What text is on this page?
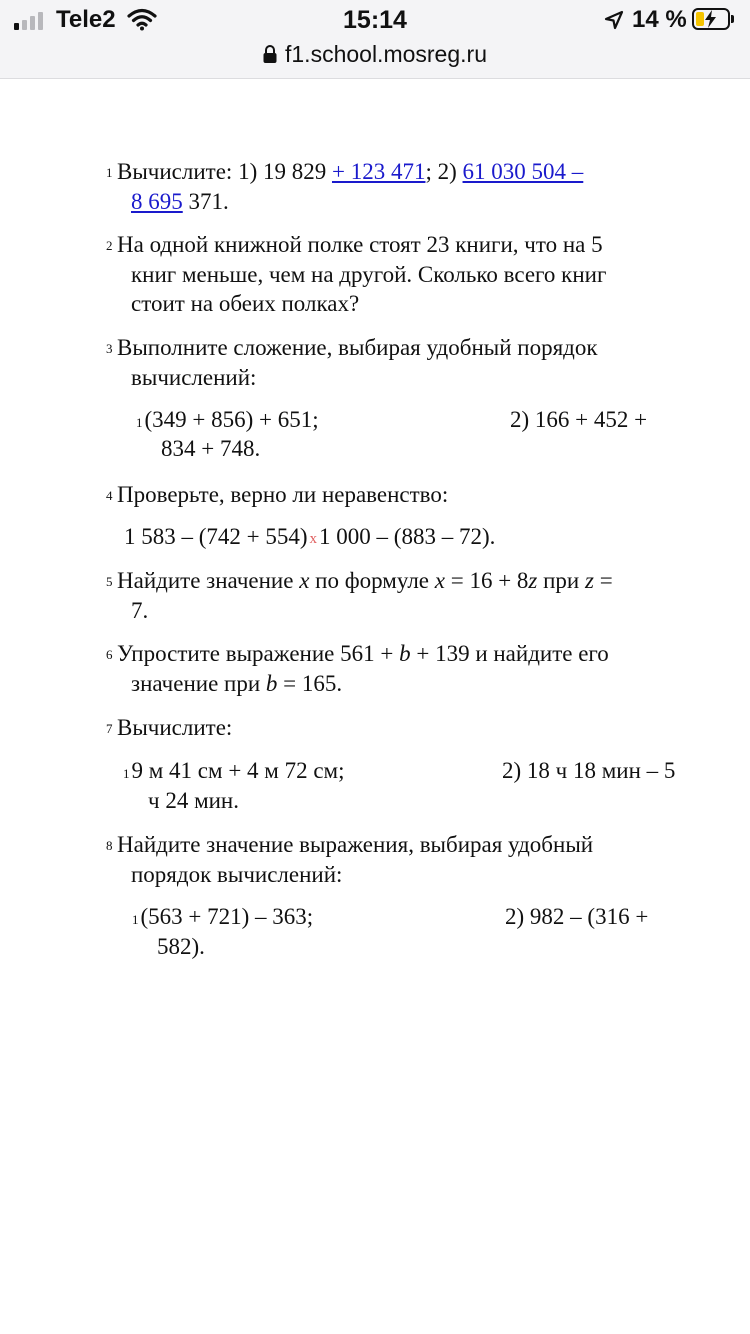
Tele2	15:14	14 %
f1.school.mosreg.ru
1 Вычислите: 1) 19 829 + 123 471; 2) 61 030 504 –
8 695 371.
2 На одной книжной полке стоят 23 книги, что на 5
книг меньше, чем на другой. Сколько всего книг
стоит на обеих полках?
3 Выполните сложение, выбирая удобный порядок
вычислений:
1(349 + 856) + 651;	2) 166 + 452 +
834 + 748.
4 Проверьте, верно ли неравенство:
1 583 – (742 + 554) x1 000 – (883 – 72).
5 Найдите значение x по формуле x = 16 + 8z при z =
7.
6 Упростите выражение 561 + b + 139 и найдите его
значение при b = 165.
7 Вычислите:
19 м 41 см + 4 м 72 см;	2) 18 ч 18 мин – 5
ч 24 мин.
8 Найдите значение выражения, выбирая удобный
порядок вычислений:
1(563 + 721) – 363;	2) 982 – (316 +
582).
